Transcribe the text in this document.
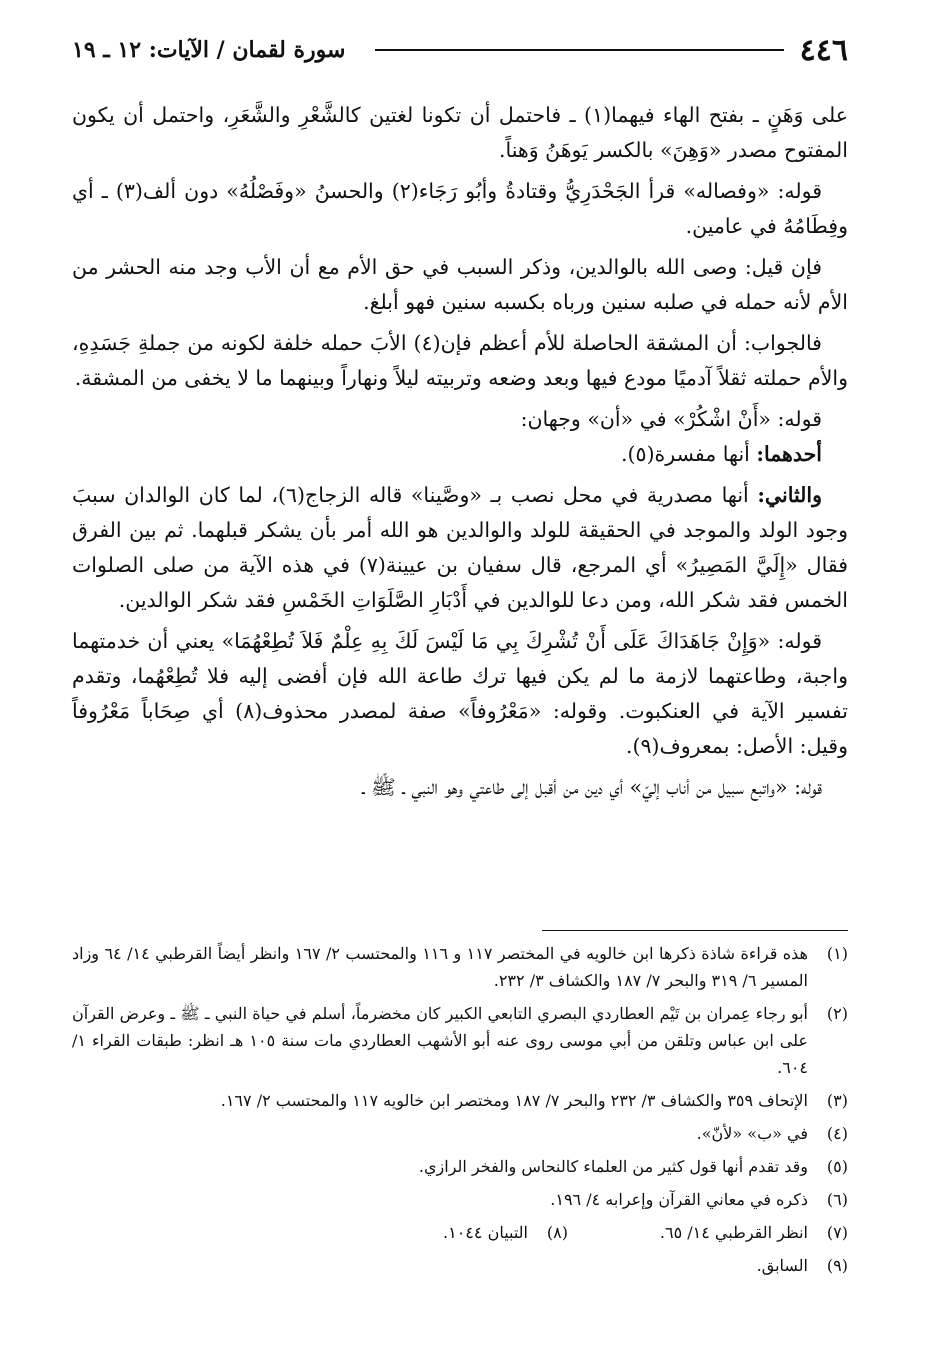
٤٤٦
سورة لقمان / الآيات: ١٢ ـ ١٩

على وَهَنٍ ـ بفتح الهاء فيهما(١) ـ فاحتمل أن تكونا لغتين كالشَّعْرِ والشَّعَرِ، واحتمل أن يكون المفتوح مصدر «وَهِنَ» بالكسر يَوهَنُ وَهناً.

قوله: «وفصاله» قرأ الجَحْدَرِيُّ وقتادةُ وأبُو رَجَاء(٢) والحسنُ «وفَصْلُهُ» دون ألف(٣) ـ أي وفِطَامُهُ في عامين.

فإن قيل: وصى الله بالوالدين، وذكر السبب في حق الأم مع أن الأب وجد منه الحشر من الأم لأنه حمله في صلبه سنين ورباه بكسبه سنين فهو أبلغ.

فالجواب: أن المشقة الحاصلة للأم أعظم فإن(٤) الأبَ حمله خلفة لكونه من جملةِ جَسَدِهِ، والأم حملته ثقلاً آدميًا مودع فيها وبعد وضعه وتربيته ليلاً ونهاراً وبينهما ما لا يخفى من المشقة.

قوله: «أَنْ اشْكُرْ» في «أن» وجهان:

أحدهما: أنها مفسرة(٥).

والثاني: أنها مصدرية في محل نصب بـ «وصَّينا» قاله الزجاج(٦)، لما كان الوالدان سببَ وجود الولد والموجد في الحقيقة للولد والوالدين هو الله أمر بأن يشكر قبلهما. ثم بين الفرق فقال «إِلَيَّ المَصِيرُ» أي المرجع، قال سفيان بن عيينة(٧) في هذه الآية من صلى الصلوات الخمس فقد شكر الله، ومن دعا للوالدين في أَدْبَارِ الصَّلَوَاتِ الخَمْسِ فقد شكر الوالدين.

قوله: «وَإِنْ جَاهَدَاكَ عَلَى أَنْ تُشْرِكَ بِي مَا لَيْسَ لَكَ بِهِ عِلْمٌ فَلاَ تُطِعْهُمَا» يعني أن خدمتهما واجبة، وطاعتهما لازمة ما لم يكن فيها ترك طاعة الله فإن أفضى إليه فلا تُطِعْهُما، وتقدم تفسير الآية في العنكبوت. وقوله: «مَعْرُوفاً» صفة لمصدر محذوف(٨) أي صِحَاباً مَعْرُوفاً وقيل: الأصل: بمعروف(٩).

قوله: «واتبع سبيل من أناب إليّ» أي دين من أقبل إلى طاعتي وهو النبي ـ ﷺ ـ

(١)
هذه قراءة شاذة ذكرها ابن خالويه في المختصر ١١٧ و ١١٦ والمحتسب ٢/ ١٦٧ وانظر أيضاً القرطبي ١٤/ ٦٤ وزاد المسير ٦/ ٣١٩ والبحر ٧/ ١٨٧ والكشاف ٣/ ٢٣٢.
(٢)
أبو رجاء عِمران بن تَيْم العطاردي البصري التابعي الكبير كان مخضرماً، أسلم في حياة النبي ـ ﷺ ـ وعرض القرآن على ابن عباس وتلقن من أبي موسى روى عنه أبو الأشهب العطاردي مات سنة ١٠٥ هـ انظر: طبقات القراء ١/ ٦٠٤.
(٣)
الإتحاف ٣٥٩ والكشاف ٣/ ٢٣٢ والبحر ٧/ ١٨٧ ومختصر ابن خالويه ١١٧ والمحتسب ٢/ ١٦٧.
(٤)
في «ب» «لأنّ».
(٥)
وقد تقدم أنها قول كثير من العلماء كالنحاس والفخر الرازي.
(٦)
ذكره في معاني القرآن وإعرابه ٤/ ١٩٦.
(٧)
انظر القرطبي ١٤/ ٦٥.
(٨)
التبيان ١٠٤٤.
(٩)
السابق.
